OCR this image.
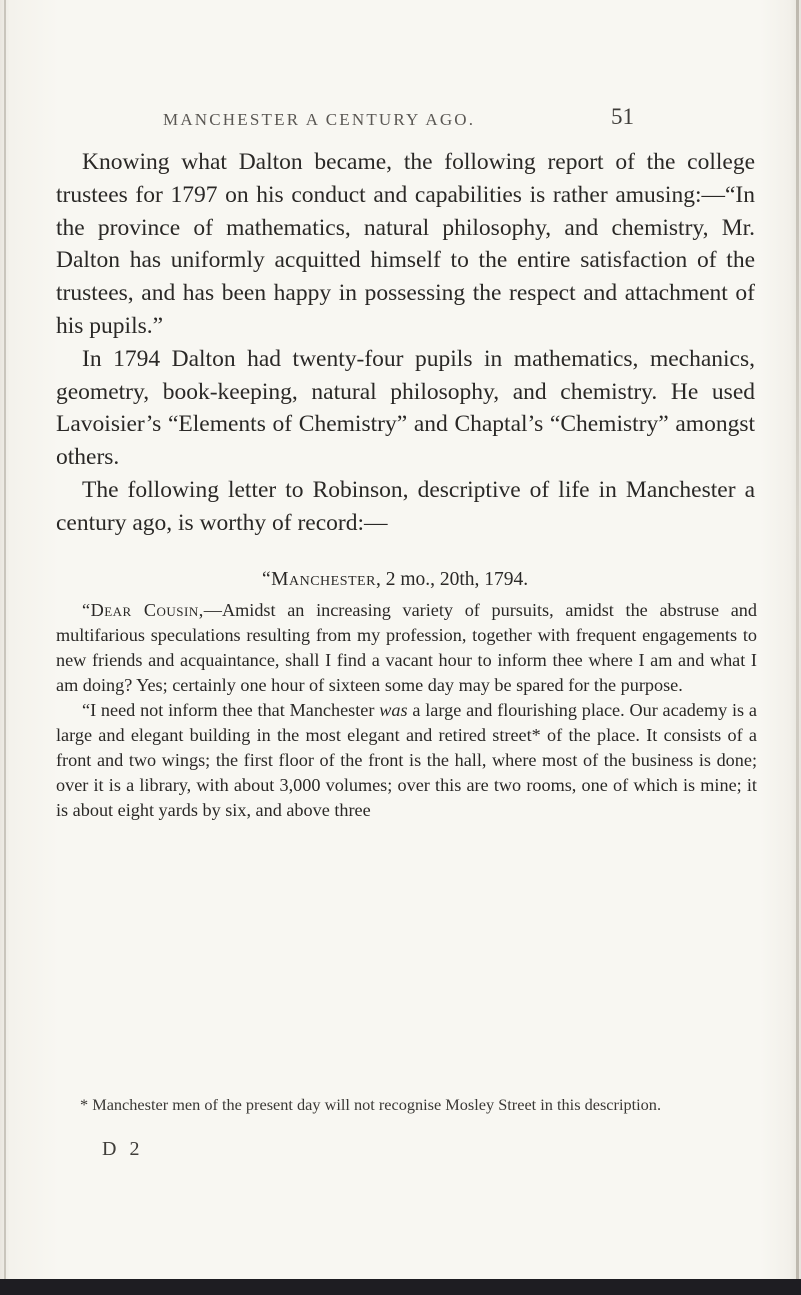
MANCHESTER A CENTURY AGO.	51

Knowing what Dalton became, the following report of the college trustees for 1797 on his conduct and capabilities is rather amusing:—“In the province of mathematics, natural philosophy, and chemistry, Mr. Dalton has uniformly acquitted himself to the entire satisfaction of the trustees, and has been happy in possessing the respect and attachment of his pupils.”

In 1794 Dalton had twenty-four pupils in mathematics, mechanics, geometry, book-keeping, natural philosophy, and chemistry. He used Lavoisier’s “Elements of Chemistry” and Chaptal’s “Chemistry” amongst others.

The following letter to Robinson, descriptive of life in Manchester a century ago, is worthy of record:—

“Manchester, 2 mo., 20th, 1794.

“Dear Cousin,—Amidst an increasing variety of pursuits, amidst the abstruse and multifarious speculations resulting from my profession, together with frequent engagements to new friends and acquaintance, shall I find a vacant hour to inform thee where I am and what I am doing? Yes; certainly one hour of sixteen some day may be spared for the purpose.

“I need not inform thee that Manchester was a large and flourishing place. Our academy is a large and elegant building in the most elegant and retired street* of the place. It consists of a front and two wings; the first floor of the front is the hall, where most of the business is done; over it is a library, with about 3,000 volumes; over this are two rooms, one of which is mine; it is about eight yards by six, and above three

* Manchester men of the present day will not recognise Mosley Street in this description.
D 2
